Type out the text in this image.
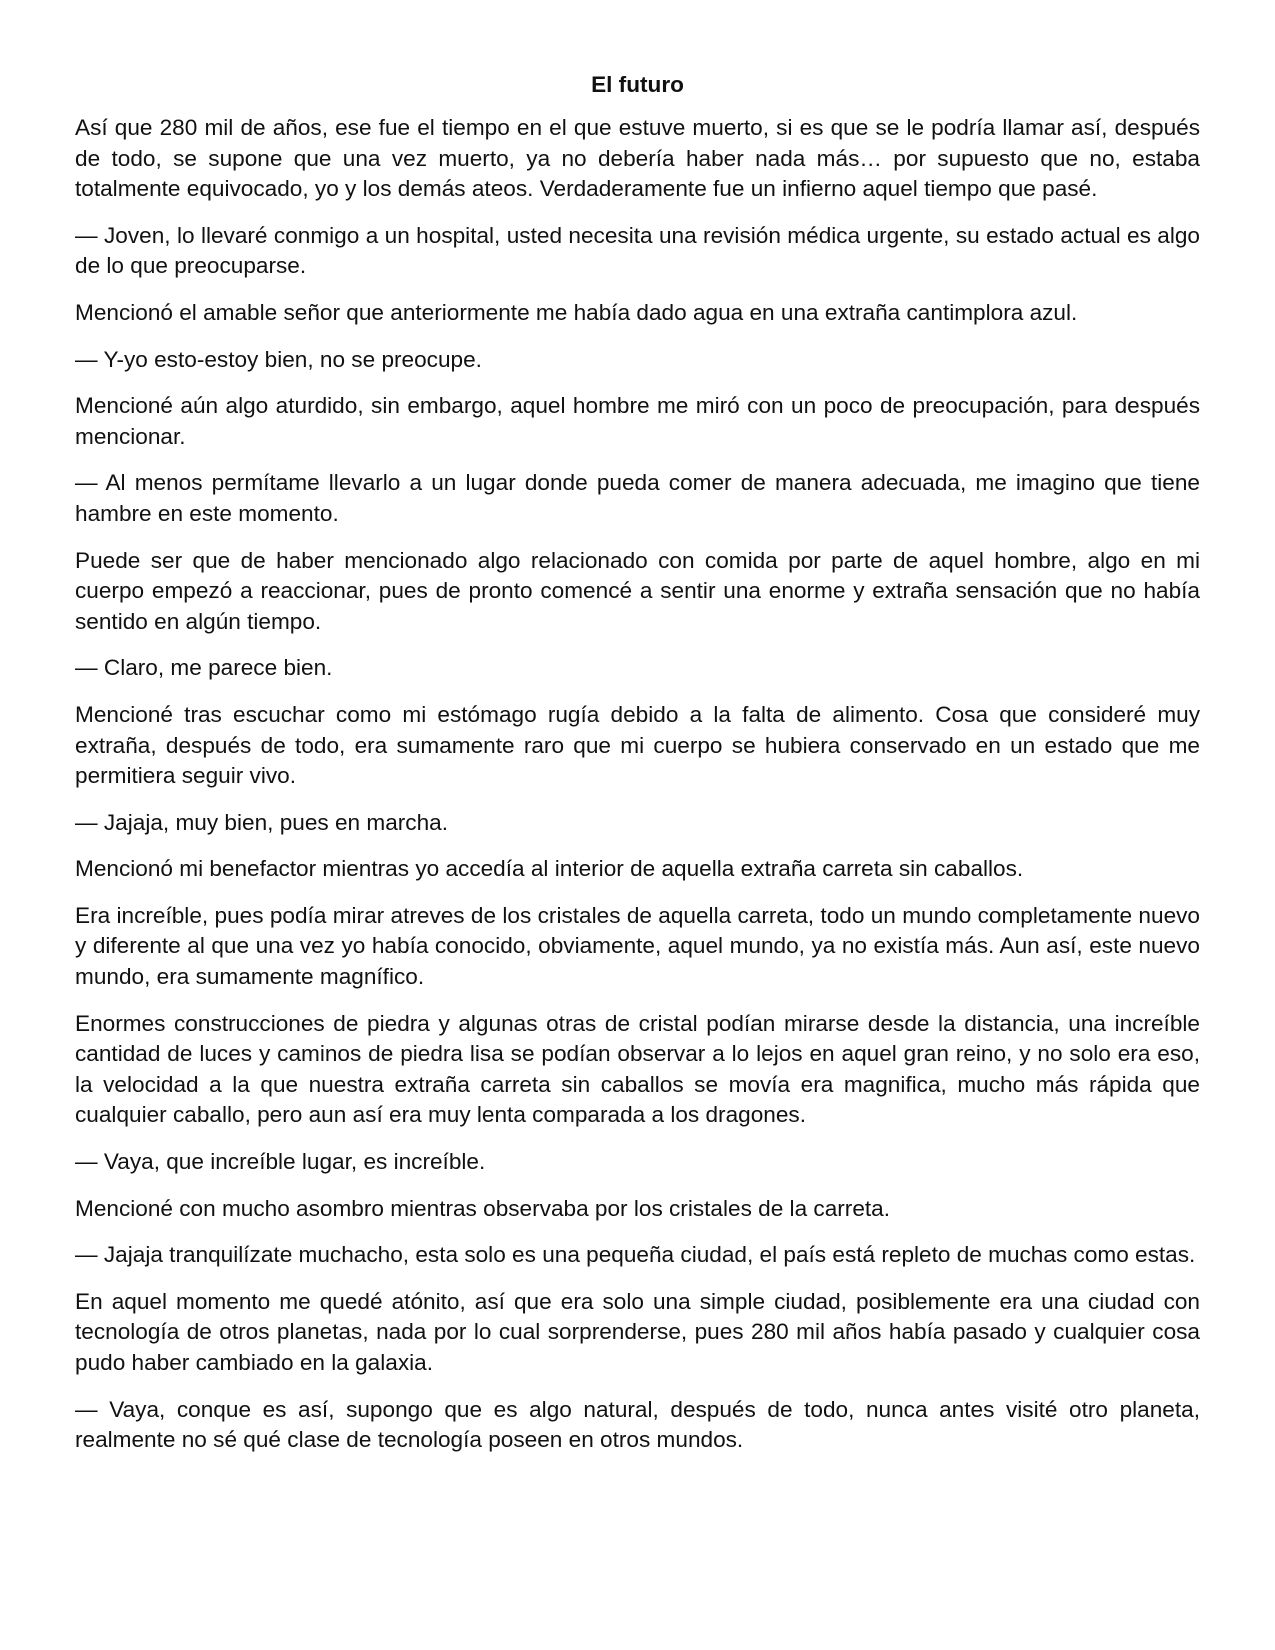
El futuro

Así que 280 mil de años, ese fue el tiempo en el que estuve muerto, si es que se le podría llamar así, después de todo, se supone que una vez muerto, ya no debería haber nada más… por supuesto que no, estaba totalmente equivocado, yo y los demás ateos. Verdaderamente fue un infierno aquel tiempo que pasé.

— Joven, lo llevaré conmigo a un hospital, usted necesita una revisión médica urgente, su estado actual es algo de lo que preocuparse.

Mencionó el amable señor que anteriormente me había dado agua en una extraña cantimplora azul.

— Y-yo esto-estoy bien, no se preocupe.

Mencioné aún algo aturdido, sin embargo, aquel hombre me miró con un poco de preocupación, para después mencionar.

— Al menos permítame llevarlo a un lugar donde pueda comer de manera adecuada, me imagino que tiene hambre en este momento.

Puede ser que de haber mencionado algo relacionado con comida por parte de aquel hombre, algo en mi cuerpo empezó a reaccionar, pues de pronto comencé a sentir una enorme y extraña sensación que no había sentido en algún tiempo.

— Claro, me parece bien.

Mencioné tras escuchar como mi estómago rugía debido a la falta de alimento. Cosa que consideré muy extraña, después de todo, era sumamente raro que mi cuerpo se hubiera conservado en un estado que me permitiera seguir vivo.

— Jajaja, muy bien, pues en marcha.

Mencionó mi benefactor mientras yo accedía al interior de aquella extraña carreta sin caballos.

Era increíble, pues podía mirar atreves de los cristales de aquella carreta, todo un mundo completamente nuevo y diferente al que una vez yo había conocido, obviamente, aquel mundo, ya no existía más. Aun así, este nuevo mundo, era sumamente magnífico.

Enormes construcciones de piedra y algunas otras de cristal podían mirarse desde la distancia, una increíble cantidad de luces y caminos de piedra lisa se podían observar a lo lejos en aquel gran reino, y no solo era eso, la velocidad a la que nuestra extraña carreta sin caballos se movía era magnifica, mucho más rápida que cualquier caballo, pero aun así era muy lenta comparada a los dragones.

— Vaya, que increíble lugar, es increíble.

Mencioné con mucho asombro mientras observaba por los cristales de la carreta.

— Jajaja tranquilízate muchacho, esta solo es una pequeña ciudad, el país está repleto de muchas como estas.

En aquel momento me quedé atónito, así que era solo una simple ciudad, posiblemente era una ciudad con tecnología de otros planetas, nada por lo cual sorprenderse, pues 280 mil años había pasado y cualquier cosa pudo haber cambiado en la galaxia.

— Vaya, conque es así, supongo que es algo natural, después de todo, nunca antes visité otro planeta, realmente no sé qué clase de tecnología poseen en otros mundos.
